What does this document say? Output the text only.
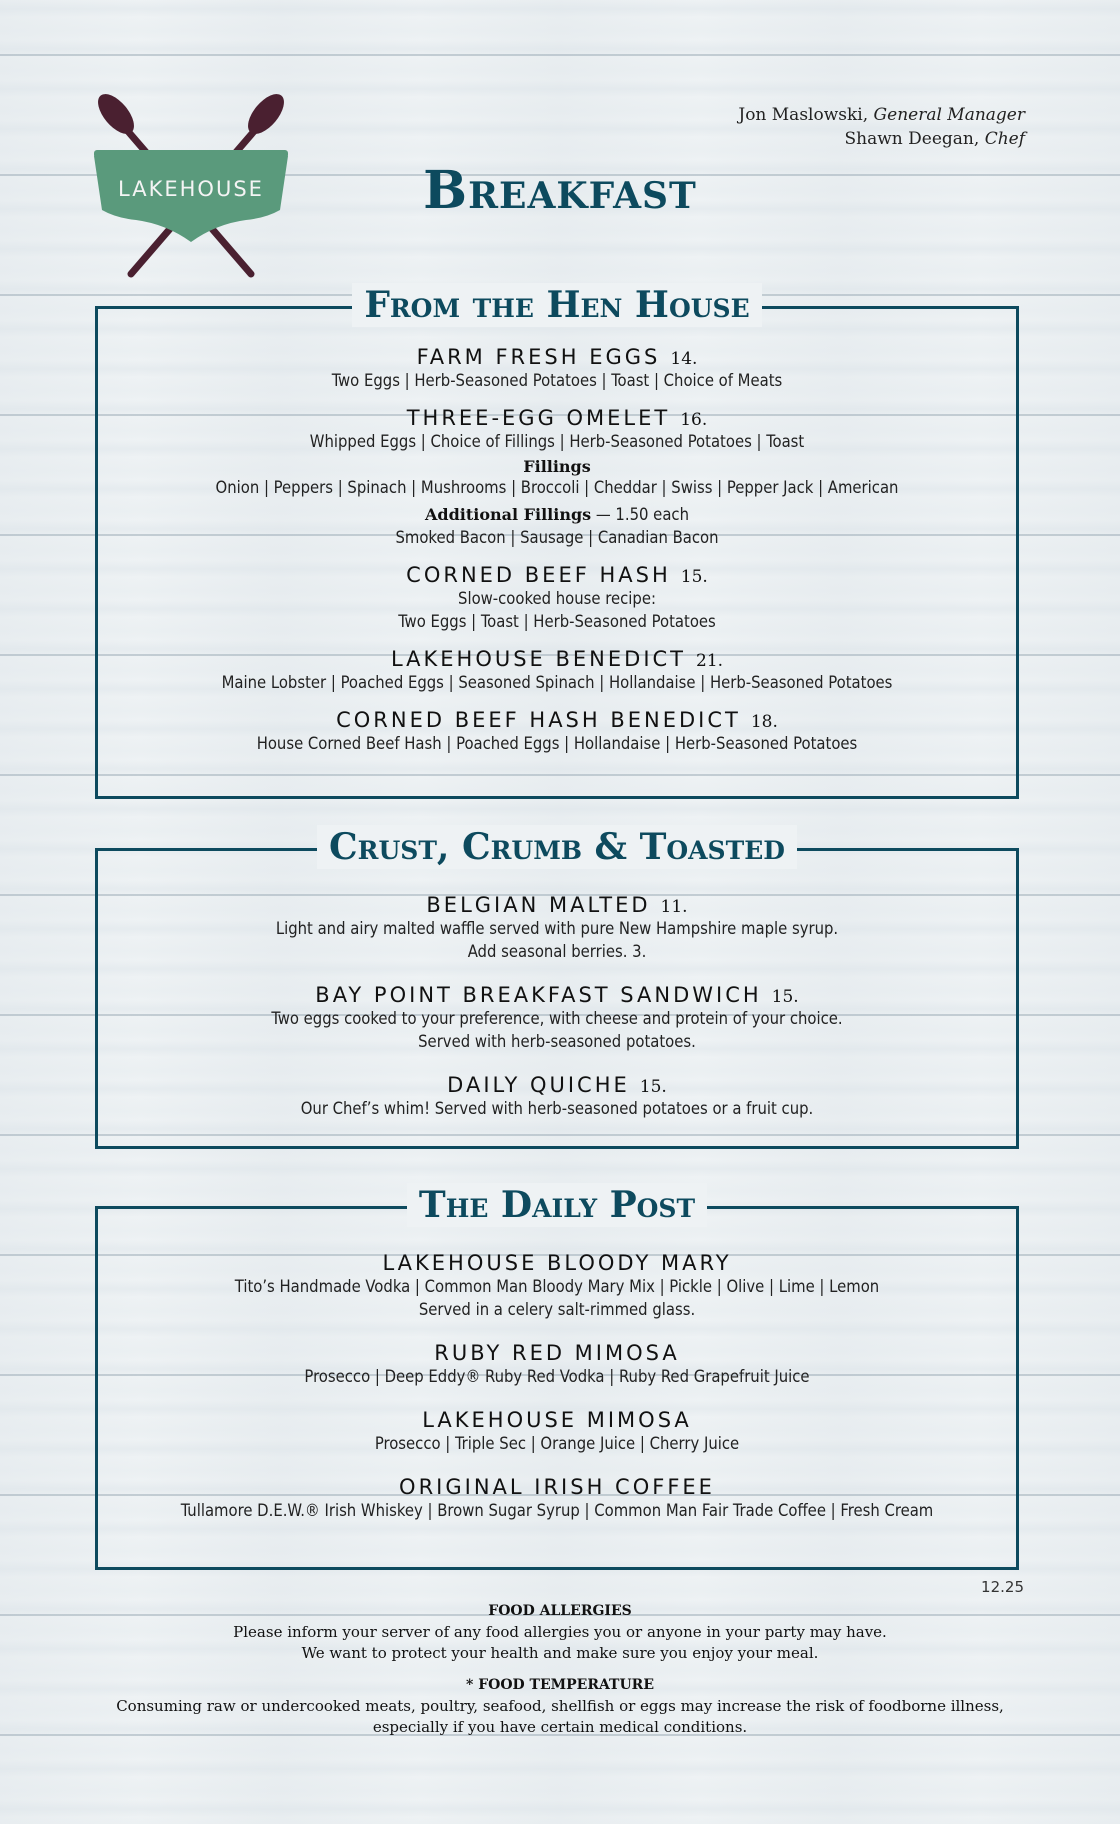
LAKEHOUSE
Jon Maslowski, General Manager
Shawn Deegan, Chef
Breakfast
From the Hen House
FARM FRESH EGGS 14.
Two Eggs | Herb-Seasoned Potatoes | Toast | Choice of Meats
THREE-EGG OMELET 16.
Whipped Eggs | Choice of Fillings | Herb-Seasoned Potatoes | Toast
Fillings
Onion | Peppers | Spinach | Mushrooms | Broccoli | Cheddar | Swiss | Pepper Jack | American
Additional Fillings — 1.50 each
Smoked Bacon | Sausage | Canadian Bacon
CORNED BEEF HASH 15.
Slow-cooked house recipe:
Two Eggs | Toast | Herb-Seasoned Potatoes
LAKEHOUSE BENEDICT 21.
Maine Lobster | Poached Eggs | Seasoned Spinach | Hollandaise | Herb-Seasoned Potatoes
CORNED BEEF HASH BENEDICT 18.
House Corned Beef Hash | Poached Eggs | Hollandaise | Herb-Seasoned Potatoes
Crust, Crumb & Toasted
BELGIAN MALTED 11.
Light and airy malted waffle served with pure New Hampshire maple syrup.
Add seasonal berries. 3.
BAY POINT BREAKFAST SANDWICH 15.
Two eggs cooked to your preference, with cheese and protein of your choice.
Served with herb-seasoned potatoes.
DAILY QUICHE 15.
Our Chef’s whim! Served with herb-seasoned potatoes or a fruit cup.
The Daily Post
LAKEHOUSE BLOODY MARY
Tito’s Handmade Vodka | Common Man Bloody Mary Mix | Pickle | Olive | Lime | Lemon
Served in a celery salt-rimmed glass.
RUBY RED MIMOSA
Prosecco | Deep Eddy® Ruby Red Vodka | Ruby Red Grapefruit Juice
LAKEHOUSE MIMOSA
Prosecco | Triple Sec | Orange Juice | Cherry Juice
ORIGINAL IRISH COFFEE
Tullamore D.E.W.® Irish Whiskey | Brown Sugar Syrup | Common Man Fair Trade Coffee | Fresh Cream
12.25
FOOD ALLERGIES
Please inform your server of any food allergies you or anyone in your party may have.
We want to protect your health and make sure you enjoy your meal.
* FOOD TEMPERATURE
Consuming raw or undercooked meats, poultry, seafood, shellfish or eggs may increase the risk of foodborne illness,
especially if you have certain medical conditions.
